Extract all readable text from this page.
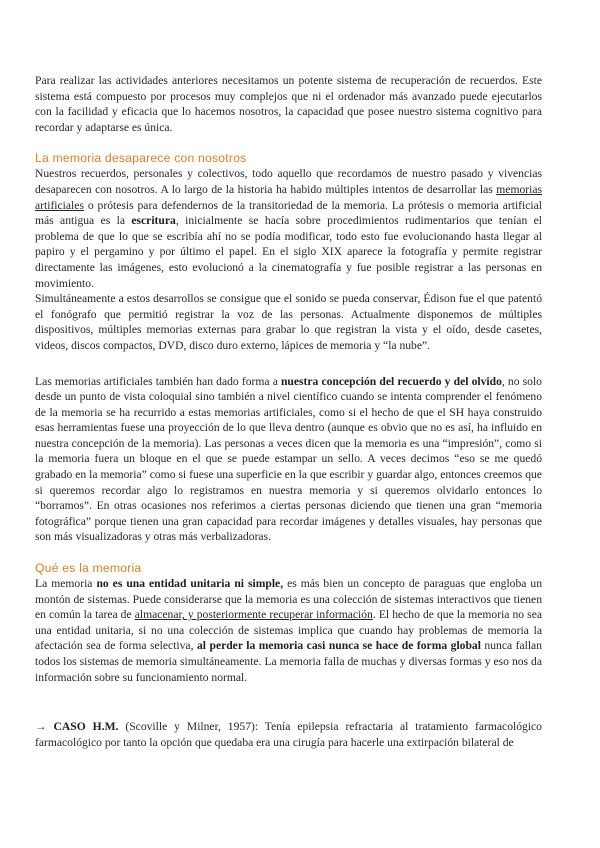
Para realizar las actividades anteriores necesitamos un potente sistema de recuperación de recuerdos. Este sistema está compuesto por procesos muy complejos que ni el ordenador más avanzado puede ejecutarlos con la facilidad y eficacia que lo hacemos nosotros, la capacidad que posee nuestro sistema cognitivo para recordar y adaptarse es única.

La memoria desaparece con nosotros

Nuestros recuerdos, personales y colectivos, todo aquello que recordamos de nuestro pasado y vivencias desaparecen con nosotros. A lo largo de la historia ha habido múltiples intentos de desarrollar las memorias artificiales o prótesis para defendernos de la transitoriedad de la memoria. La prótesis o memoria artificial más antigua es la escritura, inicialmente se hacía sobre procedimientos rudimentarios que tenían el problema de que lo que se escribía ahí no se podía modificar, todo esto fue evolucionando hasta llegar al papiro y el pergamino y por último el papel. En el siglo XIX aparece la fotografía y permite registrar directamente las imágenes, esto evolucionó a la cinematografía y fue posible registrar a las personas en movimiento.

Simultáneamente a estos desarrollos se consigue que el sonido se pueda conservar, Édison fue el que patentó el fonógrafo que permitió registrar la voz de las personas. Actualmente disponemos de múltiples dispositivos, múltiples memorias externas para grabar lo que registran la vista y el oído, desde casetes, videos, discos compactos, DVD, disco duro externo, lápices de memoria y “la nube”.

Las memorias artificiales también han dado forma a nuestra concepción del recuerdo y del olvido, no solo desde un punto de vista coloquial sino también a nivel científico cuando se intenta comprender el fenómeno de la memoria se ha recurrido a estas memorias artificiales, como si el hecho de que el SH haya construido esas herramientas fuese una proyección de lo que lleva dentro (aunque es obvio que no es así, ha influido en nuestra concepción de la memoria). Las personas a veces dicen que la memoria es una “impresión”, como si la memoria fuera un bloque en el que se puede estampar un sello. A veces decimos “eso se me quedó grabado en la memoria” como si fuese una superficie en la que escribir y guardar algo, entonces creemos que si queremos recordar algo lo registramos en nuestra memoria y si queremos olvidarlo entonces lo “borramos”. En otras ocasiones nos referimos a ciertas personas diciendo que tienen una gran “memoria fotográfica” porque tienen una gran capacidad para recordar imágenes y detalles visuales, hay personas que son más visualizadoras y otras más verbalizadoras.

Qué es la memoria

La memoria no es una entidad unitaria ni simple, es más bien un concepto de paraguas que engloba un montón de sistemas. Puede considerarse que la memoria es una colección de sistemas interactivos que tienen en común la tarea de almacenar, y posteriormente recuperar información. El hecho de que la memoria no sea una entidad unitaria, si no una colección de sistemas implica que cuando hay problemas de memoria la afectación sea de forma selectiva, al perder la memoria casi nunca se hace de forma global nunca fallan todos los sistemas de memoria simultáneamente. La memoria falla de muchas y diversas formas y eso nos da información sobre su funcionamiento normal.

→ CASO H.M. (Scoville y Milner, 1957): Tenía epilepsia refractaria al tratamiento farmacológico farmacológico por tanto la opción que quedaba era una cirugía para hacerle una extirpación bilateral de
